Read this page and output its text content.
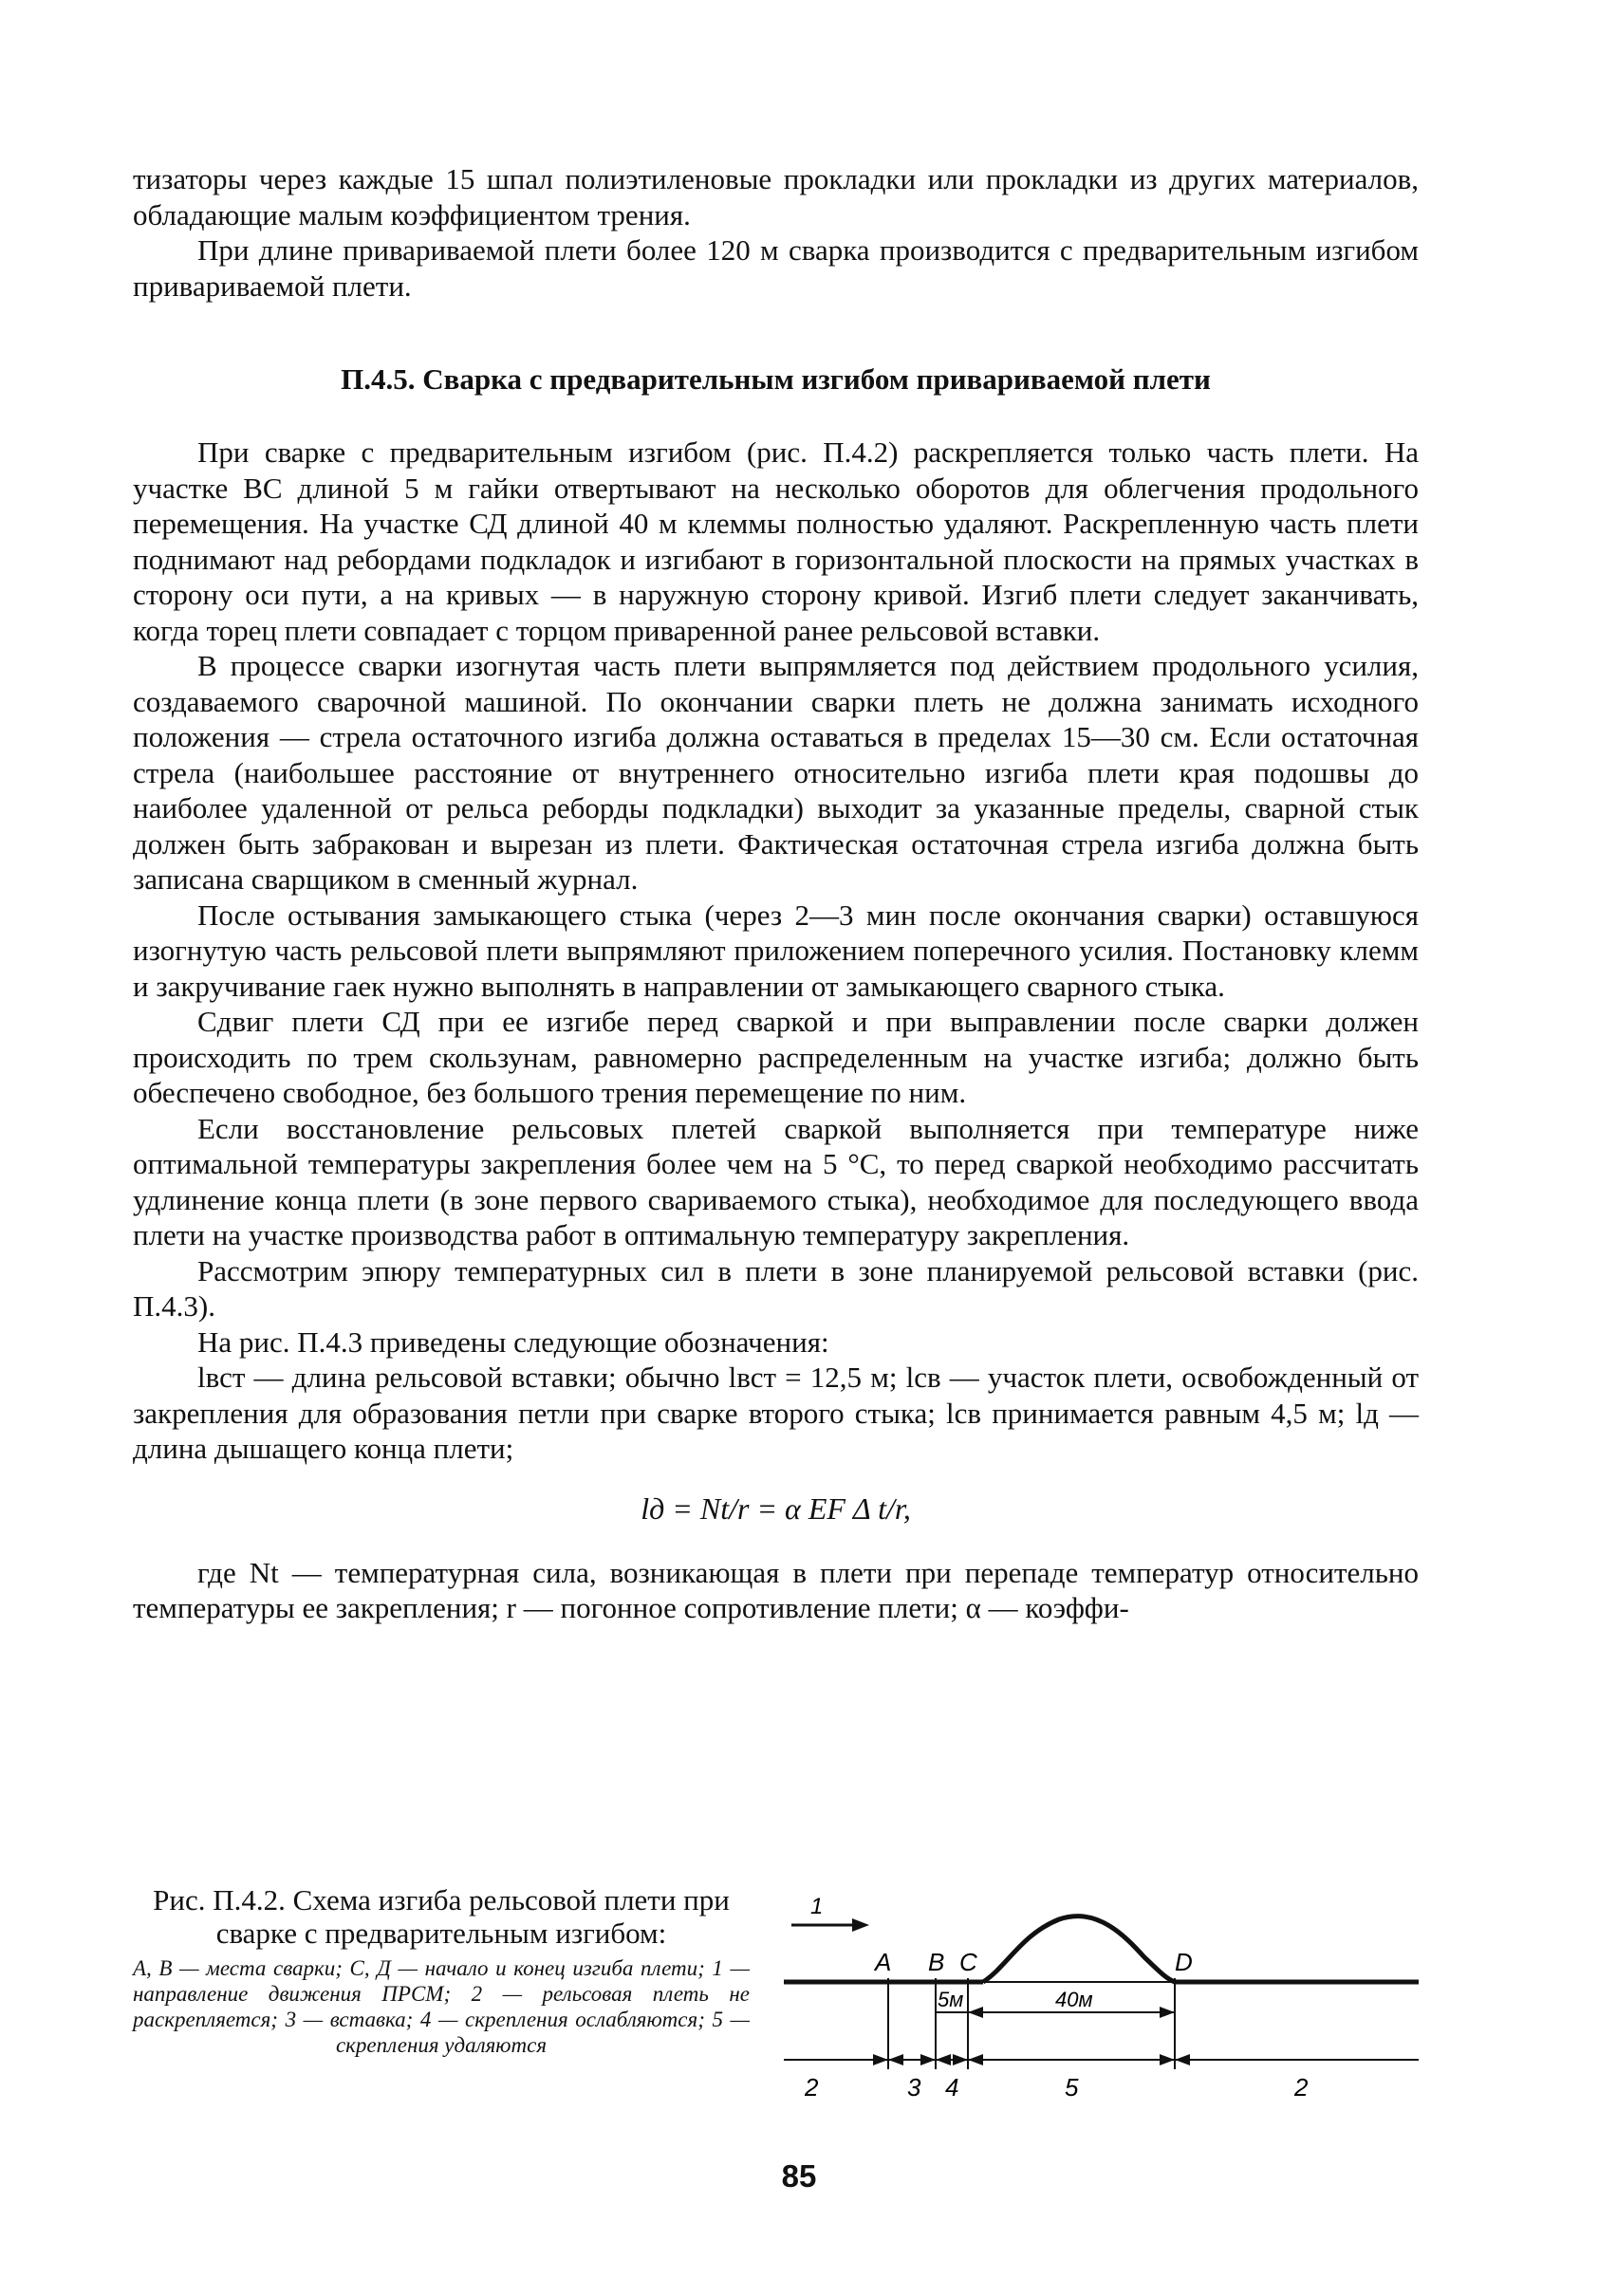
тизаторы через каждые 15 шпал полиэтиленовые прокладки или прокладки из других материалов, обладающие малым коэффициентом трения.

При длине привариваемой плети более 120 м сварка производится с предварительным изгибом привариваемой плети.

П.4.5. Сварка с предварительным изгибом привариваемой плети

При сварке с предварительным изгибом (рис. П.4.2) раскрепляется только часть плети. На участке ВС длиной 5 м гайки отвертывают на несколько оборотов для облегчения продольного перемещения. На участке СД длиной 40 м клеммы полностью удаляют. Раскрепленную часть плети поднимают над ребордами подкладок и изгибают в горизонтальной плоскости на прямых участках в сторону оси пути, а на кривых — в наружную сторону кривой. Изгиб плети следует заканчивать, когда торец плети совпадает с торцом приваренной ранее рельсовой вставки.

В процессе сварки изогнутая часть плети выпрямляется под действием продольного усилия, создаваемого сварочной машиной. По окончании сварки плеть не должна занимать исходного положения — стрела остаточного изгиба должна оставаться в пределах 15—30 см. Если остаточная стрела (наибольшее расстояние от внутреннего относительно изгиба плети края подошвы до наиболее удаленной от рельса реборды подкладки) выходит за указанные пределы, сварной стык должен быть забракован и вырезан из плети. Фактическая остаточная стрела изгиба должна быть записана сварщиком в сменный журнал.

После остывания замыкающего стыка (через 2—3 мин после окончания сварки) оставшуюся изогнутую часть рельсовой плети выпрямляют приложением поперечного усилия. Постановку клемм и закручивание гаек нужно выполнять в направлении от замыкающего сварного стыка.

Сдвиг плети СД при ее изгибе перед сваркой и при выправлении после сварки должен происходить по трем скользунам, равномерно распределенным на участке изгиба; должно быть обеспечено свободное, без большого трения перемещение по ним.

Если восстановление рельсовых плетей сваркой выполняется при температуре ниже оптимальной температуры закрепления более чем на 5 °С, то перед сваркой необходимо рассчитать удлинение конца плети (в зоне первого свариваемого стыка), необходимое для последующего ввода плети на участке производства работ в оптимальную температуру закрепления.

Рассмотрим эпюру температурных сил в плети в зоне планируемой рельсовой вставки (рис. П.4.3).

На рис. П.4.3 приведены следующие обозначения:

lвст — длина рельсовой вставки; обычно lвст = 12,5 м; lсв — участок плети, освобожденный от закрепления для образования петли при сварке второго стыка; lсв принимается равным 4,5 м; lд — длина дышащего конца плети;

lд = Nt/r = α EF Δ t/r,

где Nt — температурная сила, возникающая в плети при перепаде температур относительно температуры ее закрепления; r — погонное сопротивление плети; α — коэффи-

Рис. П.4.2. Схема изгиба рельсовой плети при сварке с предварительным изгибом:

А, В — места сварки; С, Д — начало и конец изгиба плети; 1 — направление движения ПРСМ; 2 — рельсовая плеть не раскрепляется; 3 — вставка; 4 — скрепления ослабляются; 5 — скрепления удаляются

1
A B C	D
5м	40м
2	3 4	5	2
85
